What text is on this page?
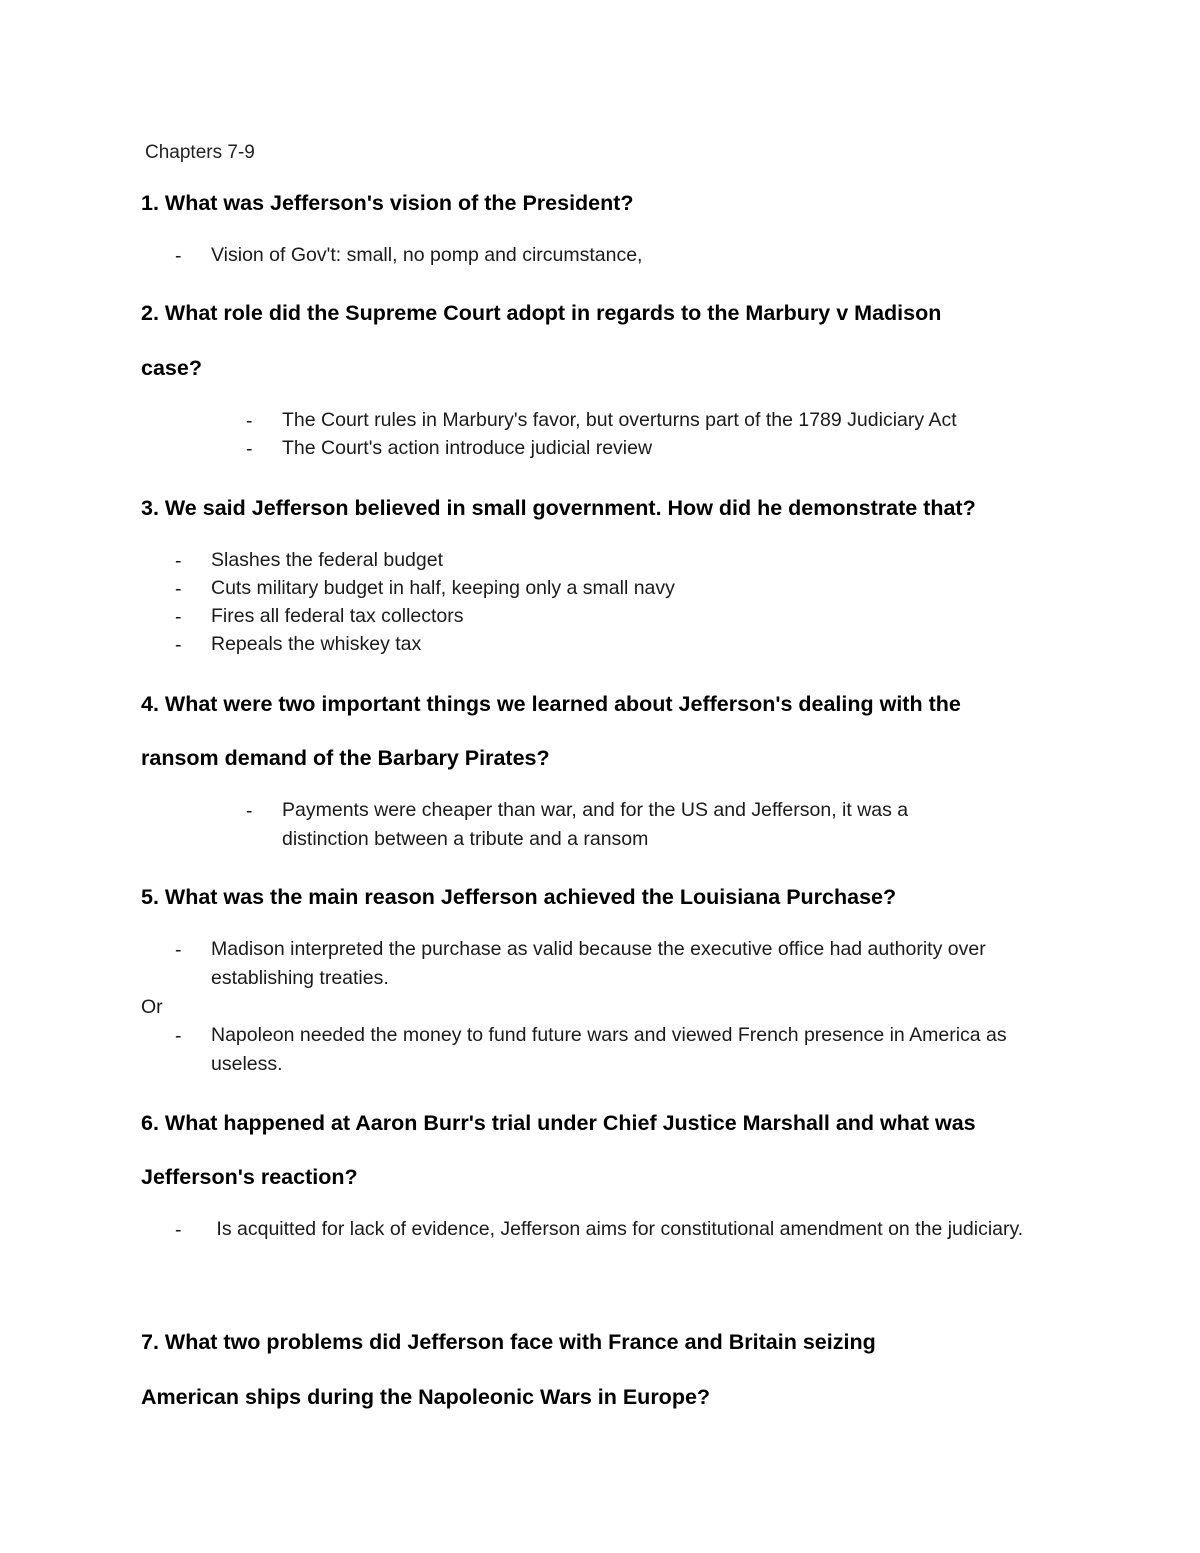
Chapters 7-9
1. What was Jefferson's vision of the President?
- Vision of Gov't: small, no pomp and circumstance,
2. What role did the Supreme Court adopt in regards to the Marbury v Madison
case?
- The Court rules in Marbury's favor, but overturns part of the 1789 Judiciary Act
- The Court's action introduce judicial review
3. We said Jefferson believed in small government. How did he demonstrate that?
- Slashes the federal budget
- Cuts military budget in half, keeping only a small navy
- Fires all federal tax collectors
- Repeals the whiskey tax
4. What were two important things we learned about Jefferson's dealing with the
ransom demand of the Barbary Pirates?
- Payments were cheaper than war, and for the US and Jefferson, it was a distinction between a tribute and a ransom
5. What was the main reason Jefferson achieved the Louisiana Purchase?
- Madison interpreted the purchase as valid because the executive office had authority over establishing treaties.
Or
- Napoleon needed the money to fund future wars and viewed French presence in America as useless.
6. What happened at Aaron Burr's trial under Chief Justice Marshall and what was
Jefferson's reaction?
- Is acquitted for lack of evidence, Jefferson aims for constitutional amendment on the judiciary.
7. What two problems did Jefferson face with France and Britain seizing
American ships during the Napoleonic Wars in Europe?
